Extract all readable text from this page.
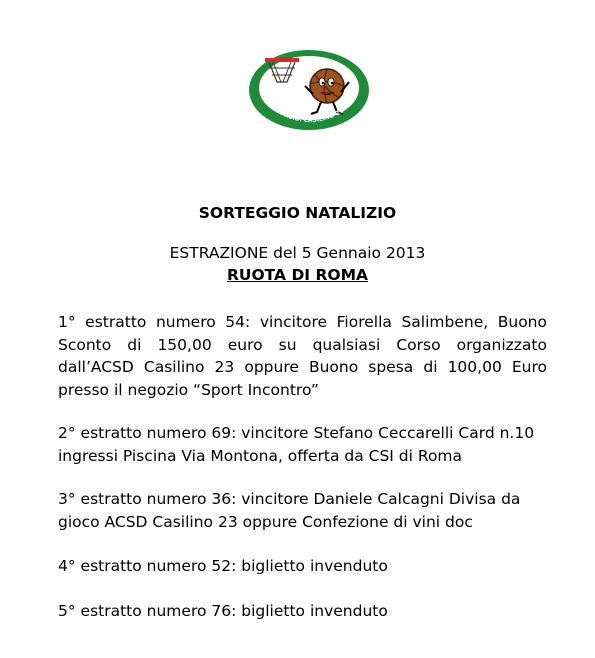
A.C.S.D. CASILINO 23
SORTEGGIO NATALIZIO
ESTRAZIONE del 5 Gennaio 2013
RUOTA DI ROMA
1° estratto numero 54: vincitore Fiorella Salimbene, Buono Sconto di 150,00 euro su qualsiasi Corso organizzato dall’ACSD Casilino 23 oppure Buono spesa di 100,00 Euro presso il negozio “Sport Incontro”
2° estratto numero 69: vincitore Stefano Ceccarelli Card n.10 ingressi Piscina Via Montona, offerta da CSI di Roma
3° estratto numero 36: vincitore Daniele Calcagni Divisa da gioco ACSD Casilino 23 oppure Confezione di vini doc
4° estratto numero 52: biglietto invenduto
5° estratto numero 76: biglietto invenduto
